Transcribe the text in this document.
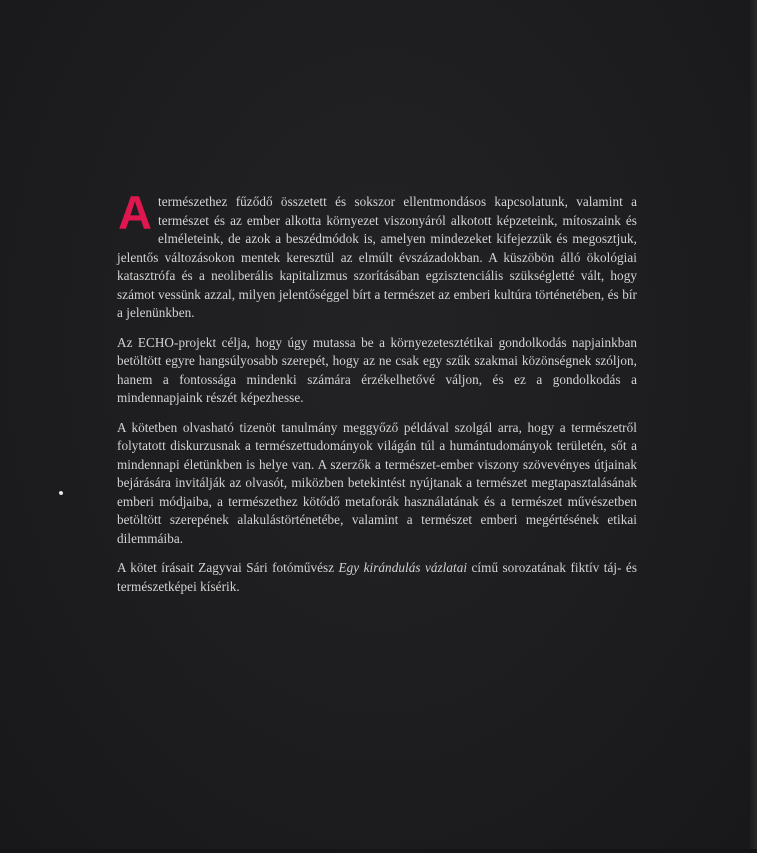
A természethez fűződő összetett és sokszor ellentmondásos kapcsolatunk, valamint a természet és az ember alkotta környezet viszonyáról alkotott képzeteink, mítoszaink és elméleteink, de azok a beszédmódok is, amelyen mindezeket kifejezzük és megosztjuk, jelentős változásokon mentek keresztül az elmúlt évszázadokban. A küszöbön álló ökológiai katasztrófa és a neoliberális kapitalizmus szorításában egzisztenciális szükségletté vált, hogy számot vessünk azzal, milyen jelentőséggel bírt a természet az emberi kultúra történetében, és bír a jelenünkben.

Az ECHO-projekt célja, hogy úgy mutassa be a környezetesztétikai gondolkodás napjainkban betöltött egyre hangsúlyosabb szerepét, hogy az ne csak egy szűk szakmai közönségnek szóljon, hanem a fontossága mindenki számára érzékelhetővé váljon, és ez a gondolkodás a mindennapjaink részét képezhesse.

A kötetben olvasható tizenöt tanulmány meggyőző példával szolgál arra, hogy a természetről folytatott diskurzusnak a természettudományok világán túl a humántudományok területén, sőt a mindennapi életünkben is helye van. A szerzők a természet-ember viszony szövevényes útjainak bejárására invitálják az olvasót, miközben betekintést nyújtanak a természet megtapasztalásának emberi módjaiba, a természethez kötődő metaforák használatának és a természet művészetben betöltött szerepének alakulástörténetébe, valamint a természet emberi megértésének etikai dilemmáiba.

A kötet írásait Zagyvai Sári fotóművész Egy kirándulás vázlatai című sorozatának fiktív táj- és természetképei kísérik.
